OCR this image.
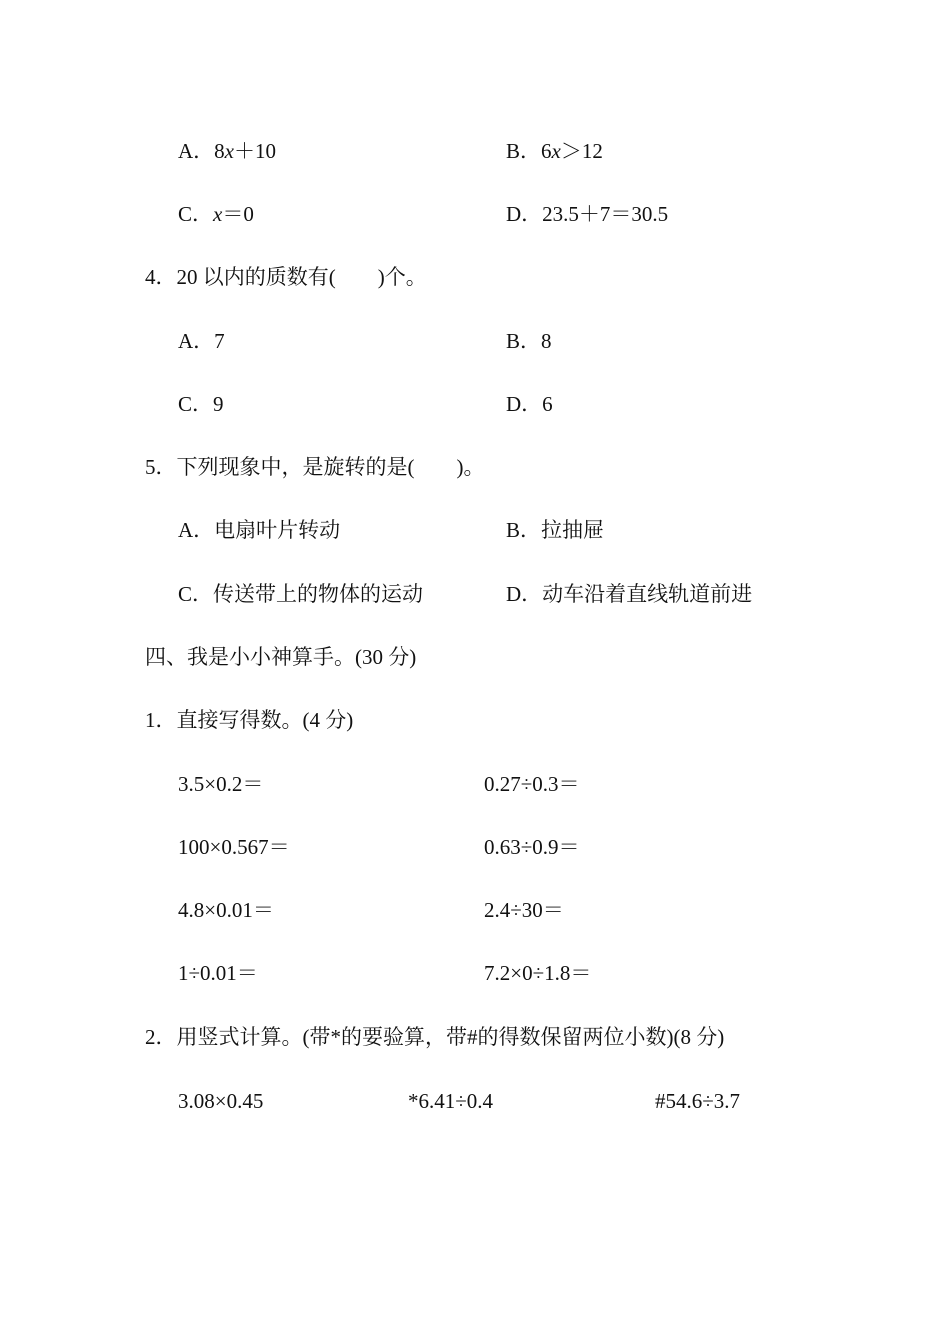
A．8x＋10	B．6x＞12
C．x＝0	D．23.5＋7＝30.5
4．20 以内的质数有(　　)个。
A．7	B．8
C．9	D．6
5．下列现象中，是旋转的是(　　)。
A．电扇叶片转动	B．拉抽屉
C．传送带上的物体的运动	D．动车沿着直线轨道前进
四、我是小小神算手。(30 分)
1．直接写得数。(4 分)
3.5×0.2＝	0.27÷0.3＝
100×0.567＝	0.63÷0.9＝
4.8×0.01＝	2.4÷30＝
1÷0.01＝	7.2×0÷1.8＝
2．用竖式计算。(带*的要验算，带#的得数保留两位小数)(8 分)
3.08×0.45	*6.41÷0.4	#54.6÷3.7
